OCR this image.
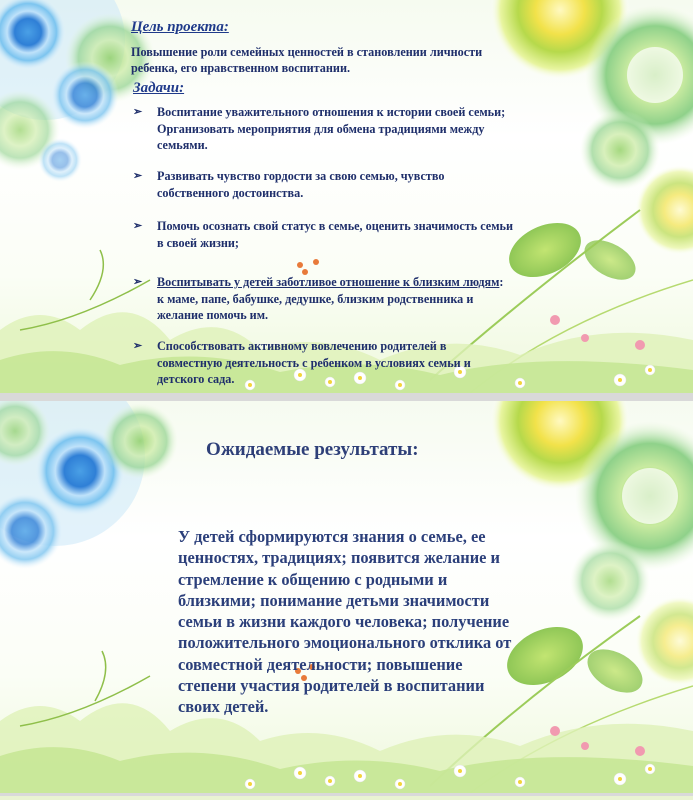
Цель проекта:

Повышение роли семейных ценностей в становлении личности ребенка, его нравственном воспитании.

Задачи:
➢ Воспитание уважительного отношения к истории своей семьи; Организовать мероприятия для обмена традициями между семьями.
➢ Развивать чувство гордости за свою семью, чувство собственного достоинства.
➢ Помочь осознать свой статус в семье, оценить значимость семьи в своей жизни;
➢ Воспитывать у детей заботливое отношение к близким людям: к маме, папе, бабушке, дедушке, близким родственника и желание помочь им.
➢ Способствовать активному вовлечению родителей в совместную деятельность с ребенком в условиях семьи и детского сада.
Ожидаемые результаты:

У детей сформируются знания о семье, ее ценностях, традициях; появится желание и стремление к общению с родными и близкими; понимание детьми значимости семьи в жизни каждого человека; получение положительного эмоционального отклика от совместной деятельности; повышение степени участия родителей в воспитании своих детей.
